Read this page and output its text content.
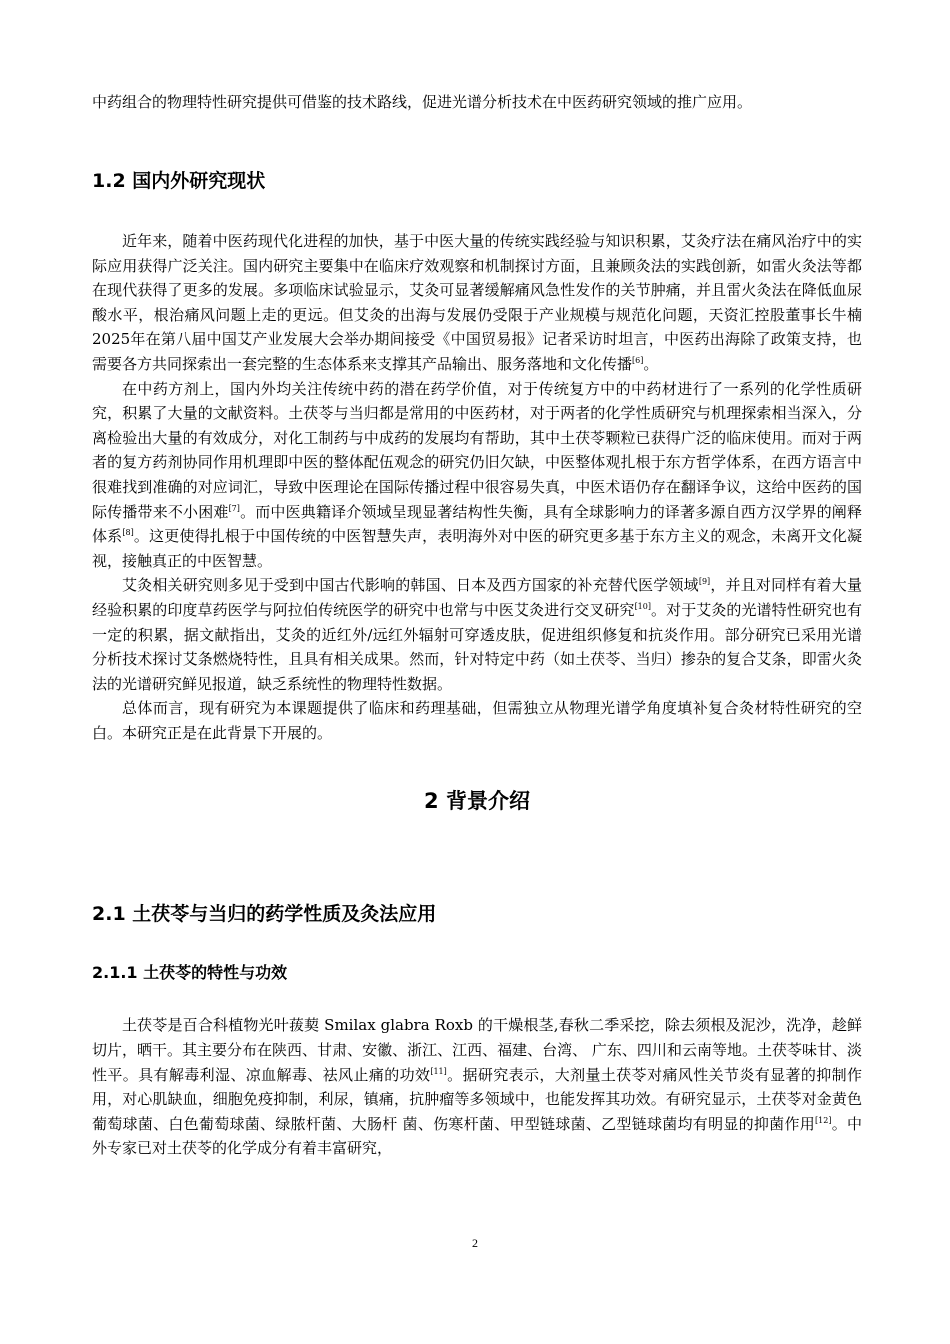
中药组合的物理特性研究提供可借鉴的技术路线，促进光谱分析技术在中医药研究领域的推广应用。

1.2 国内外研究现状

近年来，随着中医药现代化进程的加快，基于中医大量的传统实践经验与知识积累，艾灸疗法在痛风治疗中的实际应用获得广泛关注。国内研究主要集中在临床疗效观察和机制探讨方面，且兼顾灸法的实践创新，如雷火灸法等都在现代获得了更多的发展。多项临床试验显示，艾灸可显著缓解痛风急性发作的关节肿痛，并且雷火灸法在降低血尿酸水平，根治痛风问题上走的更远。但艾灸的出海与发展仍受限于产业规模与规范化问题，天资汇控股董事长牛楠2025年在第八届中国艾产业发展大会举办期间接受《中国贸易报》记者采访时坦言，中医药出海除了政策支持，也需要各方共同探索出一套完整的生态体系来支撑其产品输出、服务落地和文化传播[6]。

在中药方剂上，国内外均关注传统中药的潜在药学价值，对于传统复方中的中药材进行了一系列的化学性质研究，积累了大量的文献资料。土茯苓与当归都是常用的中医药材，对于两者的化学性质研究与机理探索相当深入，分离检验出大量的有效成分，对化工制药与中成药的发展均有帮助，其中土茯苓颗粒已获得广泛的临床使用。而对于两者的复方药剂协同作用机理即中医的整体配伍观念的研究仍旧欠缺，中医整体观扎根于东方哲学体系，在西方语言中很难找到准确的对应词汇，导致中医理论在国际传播过程中很容易失真，中医术语仍存在翻译争议，这给中医药的国际传播带来不小困难[7]。而中医典籍译介领域呈现显著结构性失衡，具有全球影响力的译著多源自西方汉学界的阐释体系[8]。这更使得扎根于中国传统的中医智慧失声，表明海外对中医的研究更多基于东方主义的观念，未离开文化凝视，接触真正的中医智慧。

艾灸相关研究则多见于受到中国古代影响的韩国、日本及西方国家的补充替代医学领域[9]，并且对同样有着大量经验积累的印度草药医学与阿拉伯传统医学的研究中也常与中医艾灸进行交叉研究[10]。对于艾灸的光谱特性研究也有一定的积累，据文献指出，艾灸的近红外/远红外辐射可穿透皮肤，促进组织修复和抗炎作用。部分研究已采用光谱分析技术探讨艾条燃烧特性，且具有相关成果。然而，针对特定中药（如土茯苓、当归）掺杂的复合艾条，即雷火灸法的光谱研究鲜见报道，缺乏系统性的物理特性数据。

总体而言，现有研究为本课题提供了临床和药理基础，但需独立从物理光谱学角度填补复合灸材特性研究的空白。本研究正是在此背景下开展的。

2 背景介绍
2.1 土茯苓与当归的药学性质及灸法应用
2.1.1 土茯苓的特性与功效

土茯苓是百合科植物光叶菝葜 Smilax glabra Roxb 的干燥根茎,春秋二季采挖，除去须根及泥沙，洗净，趁鲜切片，晒干。其主要分布在陕西、甘肃、安徽、浙江、江西、福建、台湾、 广东、四川和云南等地。土茯苓味甘、淡 性平。具有解毒利湿、凉血解毒、祛风止痛的功效[11]。据研究表示，大剂量土茯苓对痛风性关节炎有显著的抑制作用，对心肌缺血，细胞免疫抑制，利尿，镇痛，抗肿瘤等多领域中，也能发挥其功效。有研究显示，土茯苓对金黄色葡萄球菌、白色葡萄球菌、绿脓杆菌、大肠杆 菌、伤寒杆菌、甲型链球菌、乙型链球菌均有明显的抑菌作用[12]。中外专家已对土茯苓的化学成分有着丰富研究，

2
